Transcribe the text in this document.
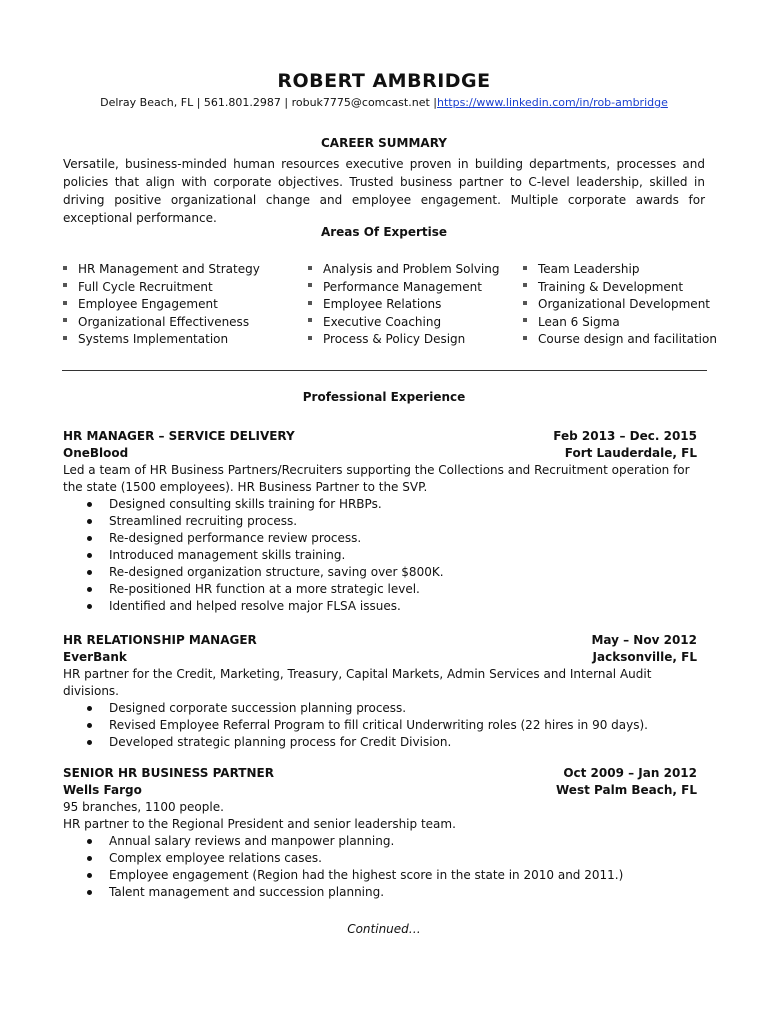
ROBERT AMBRIDGE
Delray Beach, FL | 561.801.2987 | robuk7775@comcast.net |https://www.linkedin.com/in/rob-ambridge
CAREER SUMMARY
Versatile, business-minded human resources executive proven in building departments, processes and policies that align with corporate objectives. Trusted business partner to C-level leadership, skilled in driving positive organizational change and employee engagement. Multiple corporate awards for exceptional performance.
Areas Of Expertise
HR Management and Strategy
Full Cycle Recruitment
Employee Engagement
Organizational Effectiveness
Systems Implementation
Analysis and Problem Solving
Performance Management
Employee Relations
Executive Coaching
Process & Policy Design
Team Leadership
Training & Development
Organizational Development
Lean 6 Sigma
Course design and facilitation
Professional Experience
HR MANAGER – SERVICE DELIVERY	Feb 2013 – Dec. 2015
OneBlood	Fort Lauderdale, FL
Led a team of HR Business Partners/Recruiters supporting the Collections and Recruitment operation for the state (1500 employees). HR Business Partner to the SVP.
Designed consulting skills training for HRBPs.
Streamlined recruiting process.
Re-designed performance review process.
Introduced management skills training.
Re-designed organization structure, saving over $800K.
Re-positioned HR function at a more strategic level.
Identified and helped resolve major FLSA issues.
HR RELATIONSHIP MANAGER	May – Nov 2012
EverBank	Jacksonville, FL
HR partner for the Credit, Marketing, Treasury, Capital Markets, Admin Services and Internal Audit divisions.
Designed corporate succession planning process.
Revised Employee Referral Program to fill critical Underwriting roles (22 hires in 90 days).
Developed strategic planning process for Credit Division.
SENIOR HR BUSINESS PARTNER	Oct 2009 – Jan 2012
Wells Fargo	West Palm Beach, FL
95 branches, 1100 people.
HR partner to the Regional President and senior leadership team.
Annual salary reviews and manpower planning.
Complex employee relations cases.
Employee engagement (Region had the highest score in the state in 2010 and 2011.)
Talent management and succession planning.
Continued…
